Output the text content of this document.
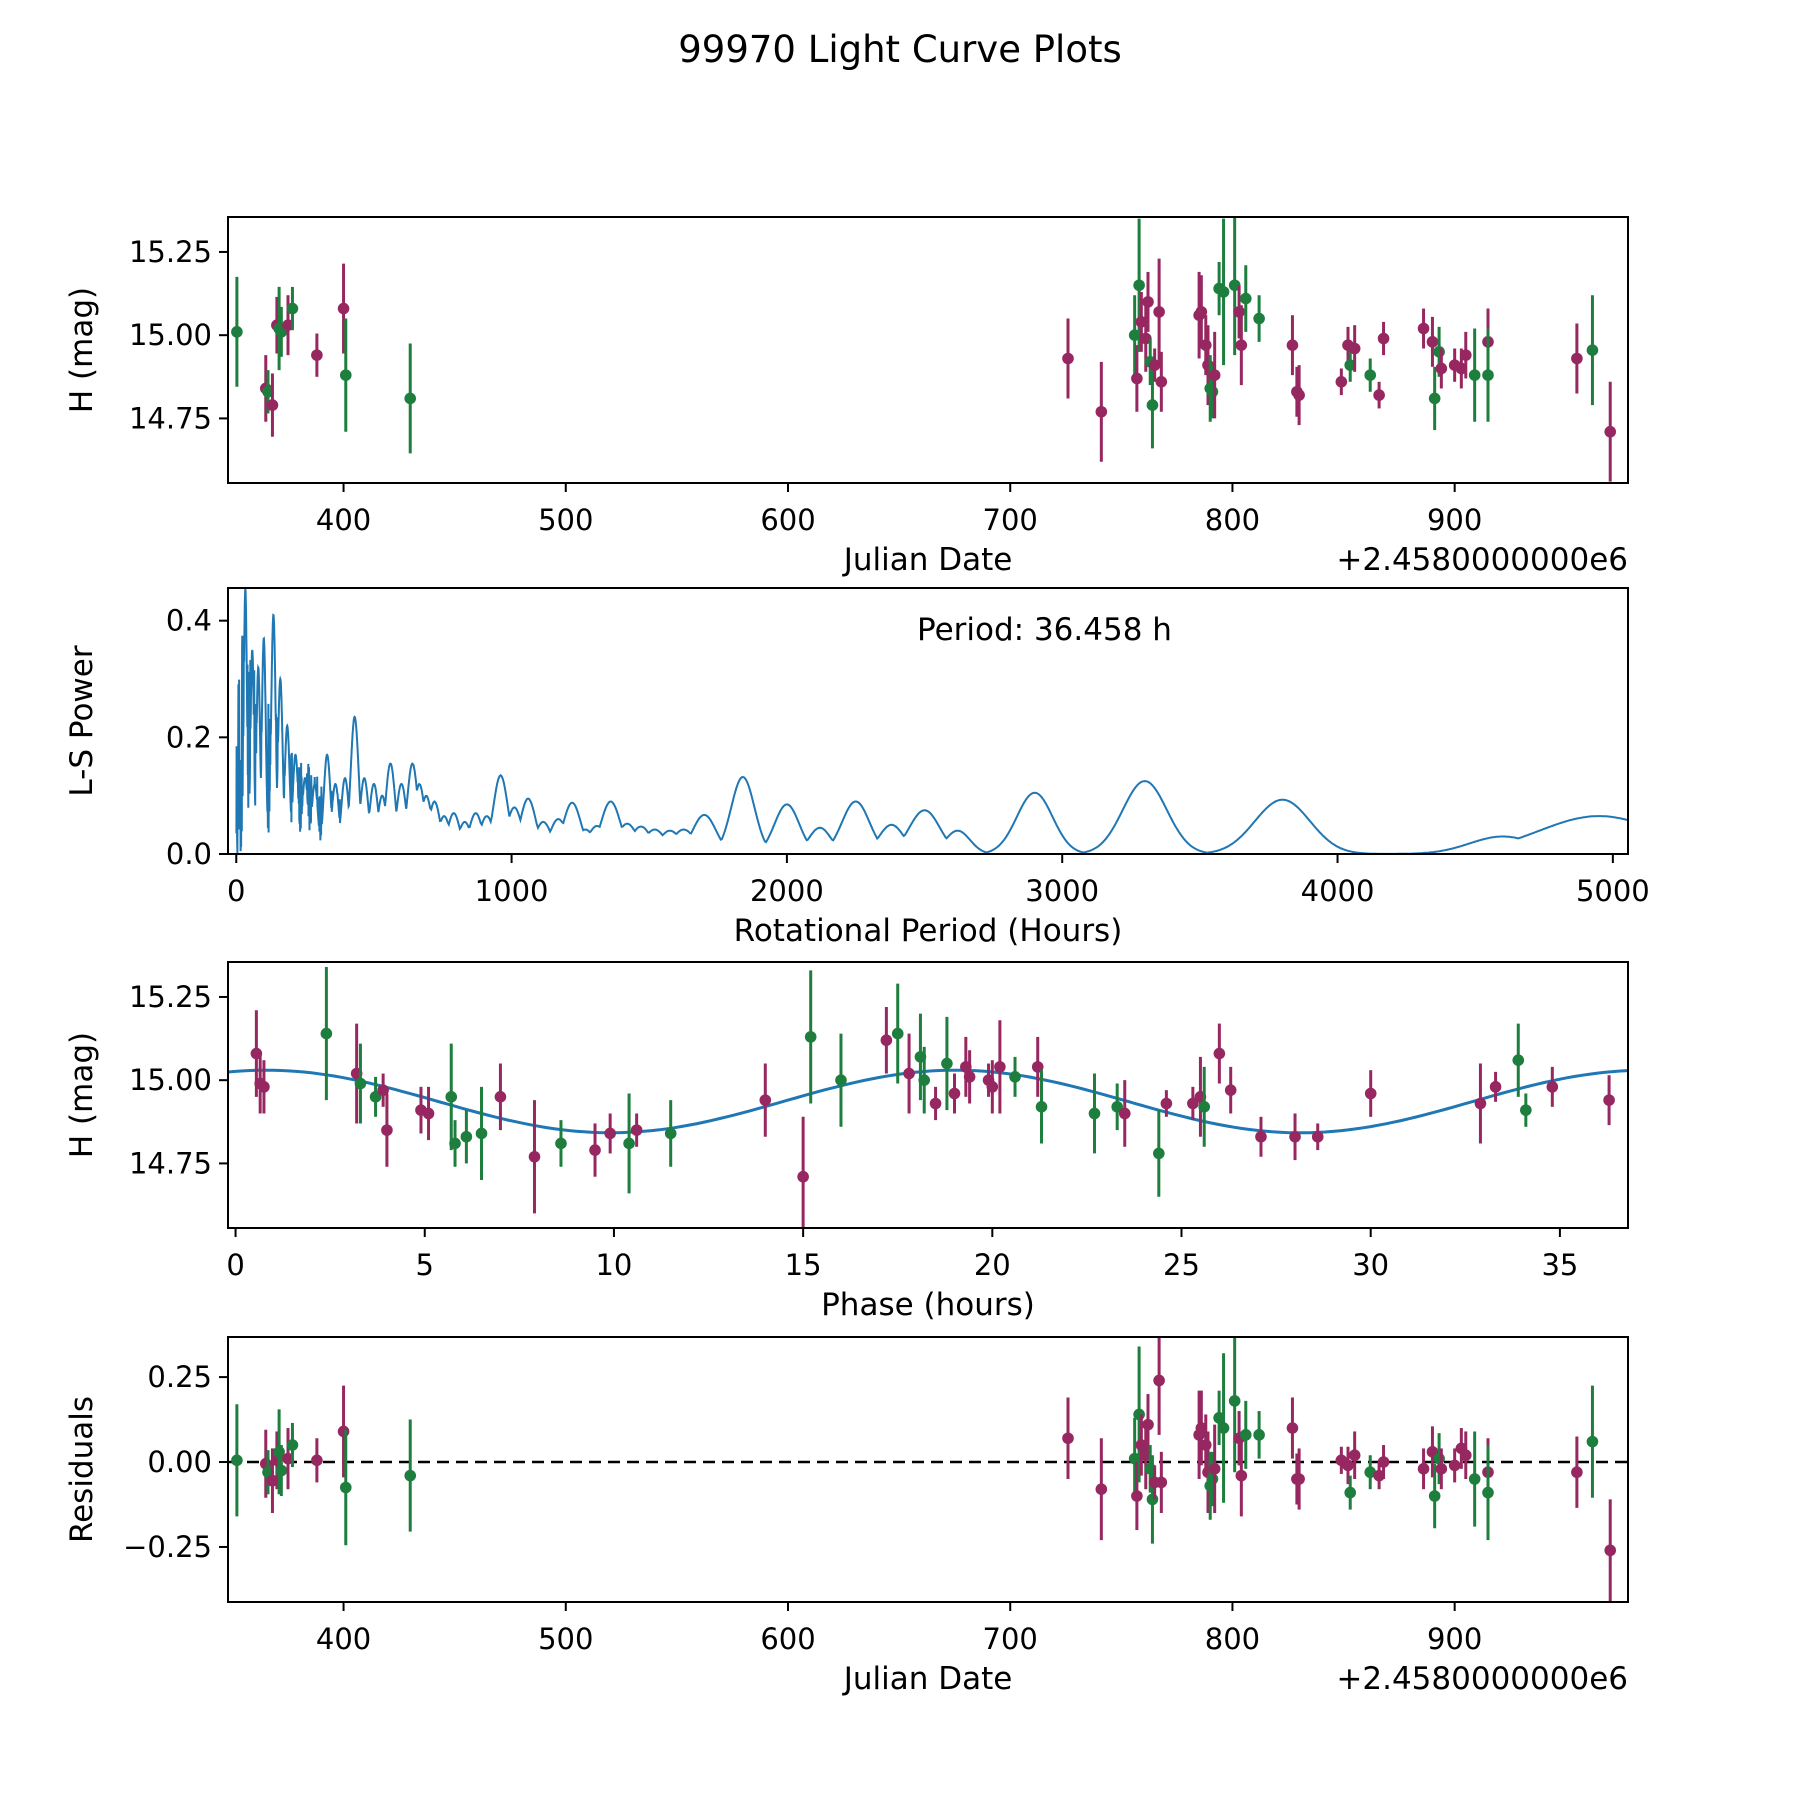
99970 Light Curve Plots
400	500	600	700	800	900
14.75
15.00
15.25
Julian Date	+2.4580000000e6
H (mag)
0	1000	2000	3000	4000	5000
0.0
0.2
0.4
Rotational Period (Hours)
L-S Power
Period: 36.458 h
0	5	10	15	20	25	30	35
14.75
15.00
15.25
Phase (hours)
H (mag)
400	500	600	700	800	900
−0.25
0.00
0.25
Julian Date	+2.4580000000e6
Residuals
